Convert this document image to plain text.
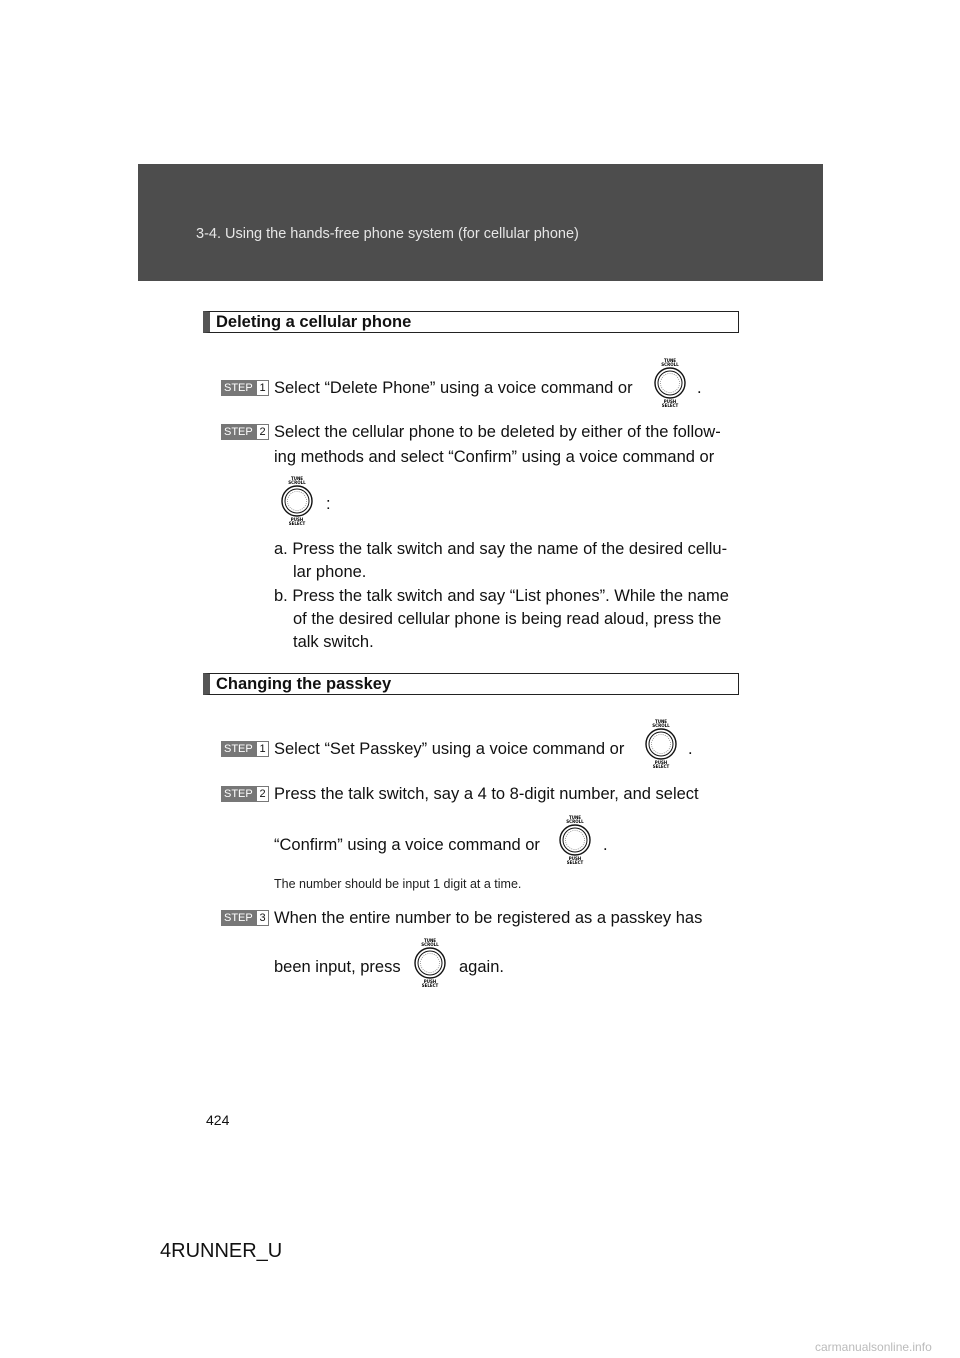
3-4. Using the hands-free phone system (for cellular phone)
Deleting a cellular phone
STEP 1 Select “Delete Phone” using a voice command or	.
STEP 2 Select the cellular phone to be deleted by either of the follow-
ing methods and select “Confirm” using a voice command or
:
a. Press the talk switch and say the name of the desired cellu-
lar phone.
b. Press the talk switch and say “List phones”. While the name
of the desired cellular phone is being read aloud, press the
talk switch.
Changing the passkey
STEP 1 Select “Set Passkey” using a voice command or	.
STEP 2 Press the talk switch, say a 4 to 8-digit number, and select
“Confirm” using a voice command or	.
The number should be input 1 digit at a time.
STEP 3 When the entire number to be registered as a passkey has
been input, press	again.
424
4RUNNER_U
carmanualsonline.info
